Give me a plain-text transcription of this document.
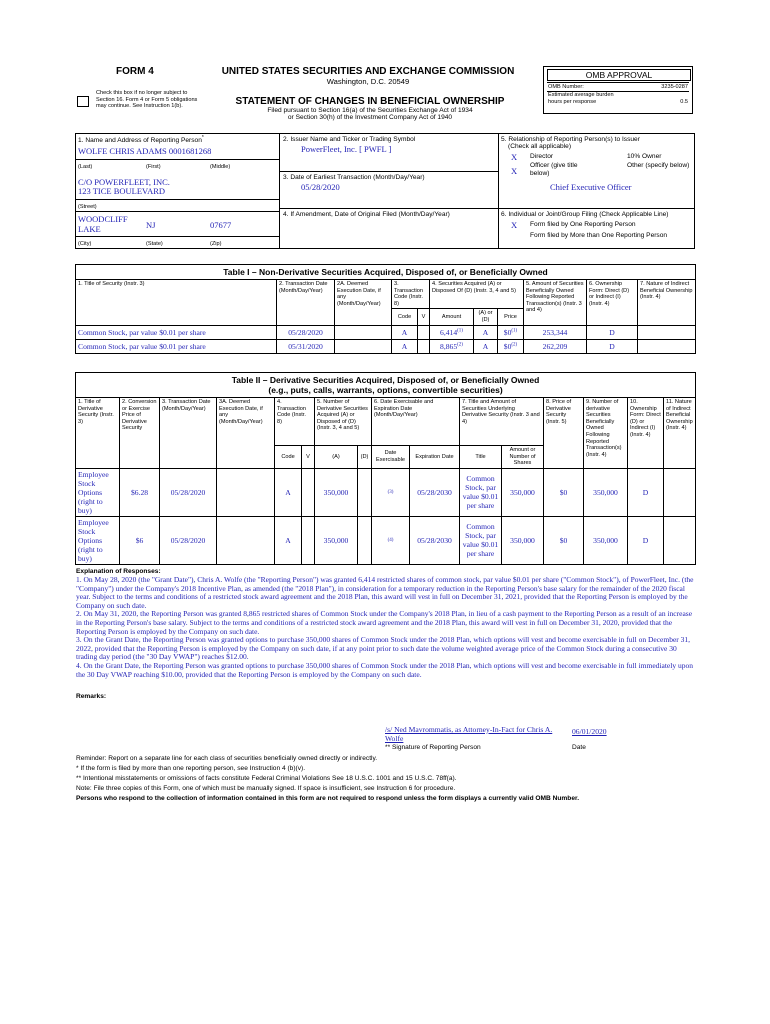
FORM 4	UNITED STATES SECURITIES AND EXCHANGE COMMISSION
Washington, D.C. 20549
Check this box if no longer subject to Section 16. Form 4 or Form 5 obligations may continue. See Instruction 1(b).	STATEMENT OF CHANGES IN BENEFICIAL OWNERSHIP
Filed pursuant to Section 16(a) of the Securities Exchange Act of 1934
or Section 30(h) of the Investment Company Act of 1940
OMB APPROVAL
OMB Number:	3235-0287
Estimated average burden hours per response	0.5
1. Name and Address of Reporting Person*
WOLFE CHRIS ADAMS 0001681268
(Last)	(First)	(Middle)
C/O POWERFLEET, INC.
123 TICE BOULEVARD
(Street)
WOODCLIFF LAKE	NJ	07677
(City)	(State)	(Zip)
2. Issuer Name and Ticker or Trading Symbol
PowerFleet, Inc. [ PWFL ]
3. Date of Earliest Transaction (Month/Day/Year)
05/28/2020
4. If Amendment, Date of Original Filed (Month/Day/Year)
5. Relationship of Reporting Person(s) to Issuer
(Check all applicable)
X Director	10% Owner
X
Officer (give title below)
Other (specify below)
Chief Executive Officer
6. Individual or Joint/Group Filing (Check Applicable Line)
X Form filed by One Reporting Person
Form filed by More than One Reporting Person
Table I – Non-Derivative Securities Acquired, Disposed of, or Beneficially Owned										
1. Title of Security (Instr. 3)	2. Transaction Date (Month/Day/Year)	2A. Deemed Execution Date, if any (Month/Day/Year)	3. Transaction Code (Instr. 8)		4. Securities Acquired (A) or Disposed Of (D) (Instr. 3, 4 and 5)			5. Amount of Securities Beneficially Owned Following Reported Transaction(s) (Instr. 3 and 4)	6. Ownership Form: Direct (D) or Indirect (I) (Instr. 4)	7. Nature of Indirect Beneficial Ownership (Instr. 4)
			Code	V	Amount	(A) or (D)	Price			
Common Stock, par value $0.01 per share	05/28/2020		A		6,414$^{(1)}$	A	$0$^{(1)}$	253,344	D	
Common Stock, par value $0.01 per share	05/31/2020		A		8,865$^{(2)}$	A	$0$^{(2)}$	262,209	D	
Table II – Derivative Securities Acquired, Disposed of, or Beneficially Owned
(e.g., puts, calls, warrants, options, convertible securities)															

1. Title of Derivative Security (Instr. 3)	2. Conversion or Exercise Price of Derivative Security	3. Transaction Date (Month/Day/Year)	3A. Deemed Execution Date, if any (Month/Day/Year)	4. Transaction Code (Instr. 8)		5. Number of Derivative Securities Acquired (A) or Disposed of (D) (Instr. 3, 4 and 5)		6. Date Exercisable and Expiration Date (Month/Day/Year)		7. Title and Amount of Securities Underlying Derivative Security (Instr. 3 and 4)		8. Price of Derivative Security (Instr. 5)	9. Number of derivative Securities Beneficially Owned Following Reported Transaction(s) (Instr. 4)	10. Ownership Form: Direct (D) or Indirect (I) (Instr. 4)	11. Nature of Indirect Beneficial Ownership (Instr. 4)
				Code	V	(A)	(D)	Date Exercisable	Expiration Date	Title	Amount or Number of Shares				
Employee Stock Options (right to buy)	$6.28	05/28/2020		A		350,000		(3)	05/28/2030	Common Stock, par value $0.01 per share	350,000	$0	350,000	D	
Employee Stock Options (right to buy)	$6	05/28/2020		A		350,000		(4)	05/28/2030	Common Stock, par value $0.01 per share	350,000	$0	350,000	D	
Explanation of Responses:
1. On May 28, 2020 (the "Grant Date"), Chris A. Wolfe (the "Reporting Person") was granted 6,414 restricted shares of common stock, par value $0.01 per share ("Common Stock"), of PowerFleet, Inc. (the "Company") under the Company's 2018 Incentive Plan, as amended (the "2018 Plan"), in consideration for a temporary reduction in the Reporting Person's base salary for the remainder of the 2020 fiscal year. Subject to the terms and conditions of a restricted stock award agreement and the 2018 Plan, this award will vest in full on December 31, 2021, provided that the Reporting Person is employed by the Company on such date.
2. On May 31, 2020, the Reporting Person was granted 8,865 restricted shares of Common Stock under the Company's 2018 Plan, in lieu of a cash payment to the Reporting Person as a result of an increase in the Reporting Person's base salary. Subject to the terms and conditions of a restricted stock award agreement and the 2018 Plan, this award will vest in full on December 31, 2020, provided that the Reporting Person is employed by the Company on such date.
3. On the Grant Date, the Reporting Person was granted options to purchase 350,000 shares of Common Stock under the 2018 Plan, which options will vest and become exercisable in full on December 31, 2022, provided that the Reporting Person is employed by the Company on such date, if at any point prior to such date the volume weighted average price of the Common Stock during a consecutive 30 trading day period (the "30 Day VWAP") reaches $12.00.
4. On the Grant Date, the Reporting Person was granted options to purchase 350,000 shares of Common Stock under the 2018 Plan, which options will vest and become exercisable in full immediately upon the 30 Day VWAP reaching $10.00, provided that the Reporting Person is employed by the Company on such date.
Remarks:
/s/ Ned Mavrommatis, as Attorney-In-Fact for Chris A. Wolfe
06/01/2020
** Signature of Reporting Person	Date
Reminder: Report on a separate line for each class of securities beneficially owned directly or indirectly.
* If the form is filed by more than one reporting person, see Instruction 4 (b)(v).
** Intentional misstatements or omissions of facts constitute Federal Criminal Violations See 18 U.S.C. 1001 and 15 U.S.C. 78ff(a).
Note: File three copies of this Form, one of which must be manually signed. If space is insufficient, see Instruction 6 for procedure.
Persons who respond to the collection of information contained in this form are not required to respond unless the form displays a currently valid OMB Number.
